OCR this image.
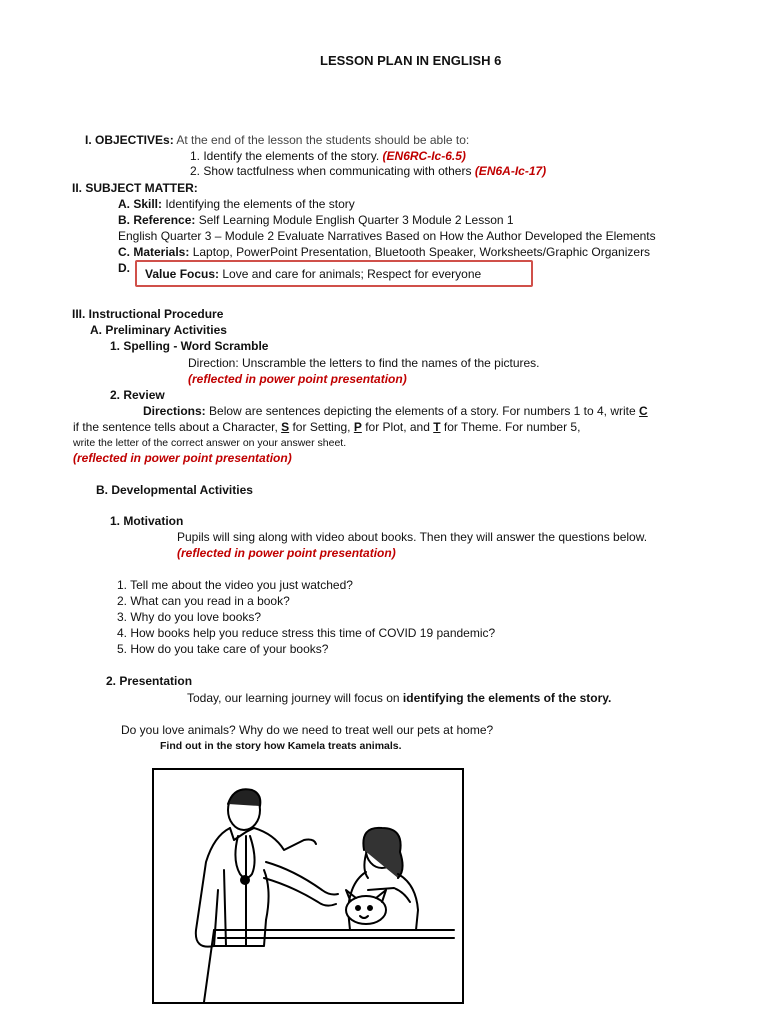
LESSON PLAN IN ENGLISH 6
I. OBJECTIVEs: At the end of the lesson the students should be able to:
1. Identify the elements of the story. (EN6RC-Ic-6.5)
2. Show tactfulness when communicating with others (EN6A-Ic-17)
II. SUBJECT MATTER:
A. Skill: Identifying the elements of the story
B. Reference: Self Learning Module English Quarter 3 Module 2 Lesson 1
English Quarter 3 – Module 2 Evaluate Narratives Based on How the Author Developed the Elements
C. Materials: Laptop, PowerPoint Presentation, Bluetooth Speaker, Worksheets/Graphic Organizers
D. Value Focus: Love and care for animals; Respect for everyone
III. Instructional Procedure
A. Preliminary Activities
1. Spelling - Word Scramble
Direction: Unscramble the letters to find the names of the pictures.
(reflected in power point presentation)
2. Review
Directions: Below are sentences depicting the elements of a story. For numbers 1 to 4, write C
if the sentence tells about a Character, S for Setting, P for Plot, and T for Theme. For number 5,
write the letter of the correct answer on your answer sheet.
(reflected in power point presentation)
B. Developmental Activities
1. Motivation
Pupils will sing along with video about books. Then they will answer the questions below.
(reflected in power point presentation)
1. Tell me about the video you just watched?
2. What can you read in a book?
3. Why do you love books?
4. How books help you reduce stress this time of COVID 19 pandemic?
5. How do you take care of your books?
2. Presentation
Today, our learning journey will focus on identifying the elements of the story.
Do you love animals? Why do we need to treat well our pets at home?
Find out in the story how Kamela treats animals.
